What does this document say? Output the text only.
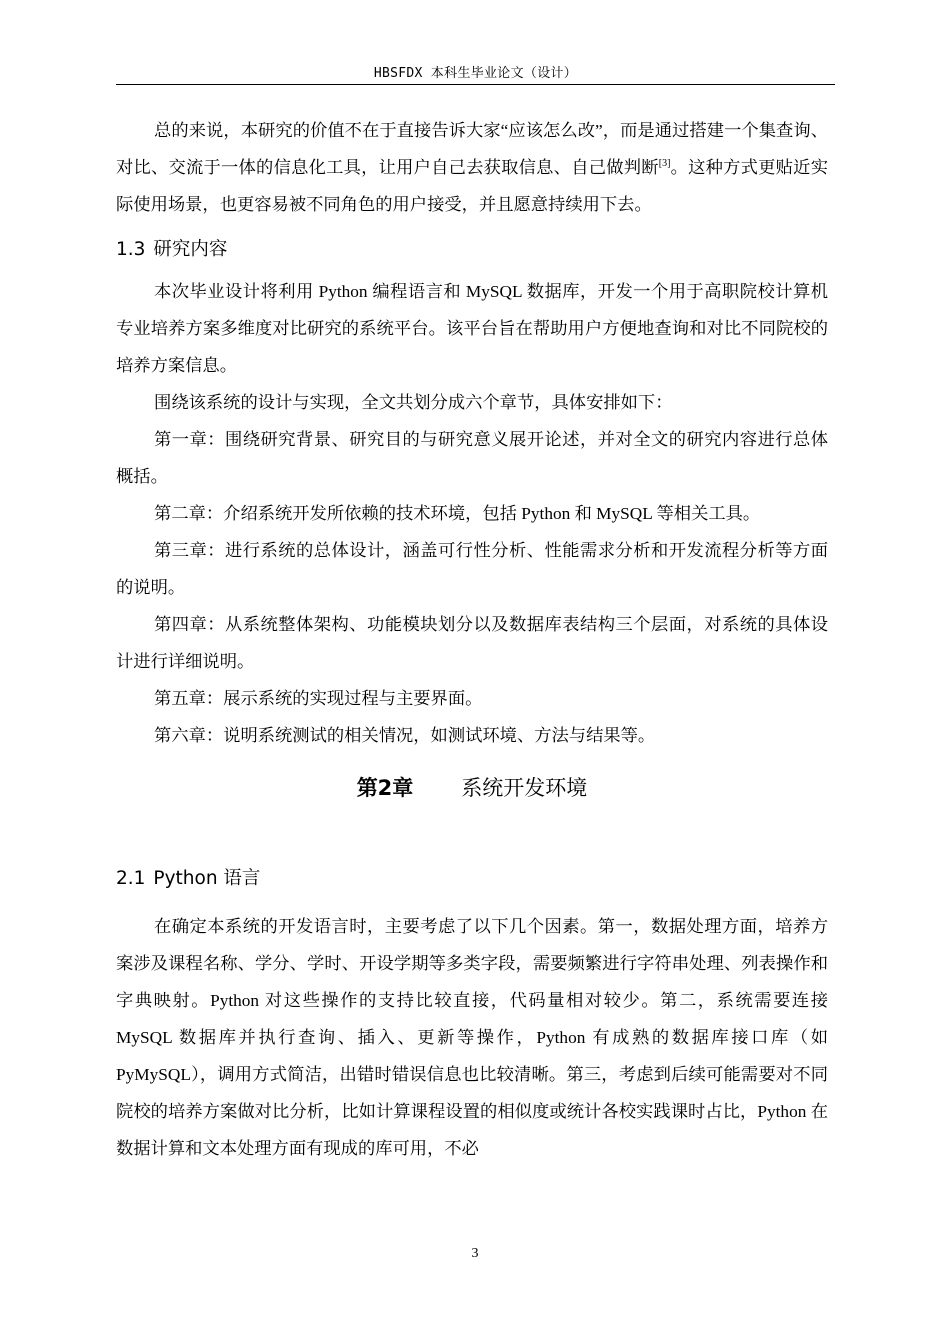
HBSFDX 本科生毕业论文（设计）

总的来说，本研究的价值不在于直接告诉大家“应该怎么改”，而是通过搭建一个集查询、对比、交流于一体的信息化工具，让用户自己去获取信息、自己做判断[3]。这种方式更贴近实际使用场景，也更容易被不同角色的用户接受，并且愿意持续用下去。

1.3 研究内容

本次毕业设计将利用 Python 编程语言和 MySQL 数据库，开发一个用于高职院校计算机专业培养方案多维度对比研究的系统平台。该平台旨在帮助用户方便地查询和对比不同院校的培养方案信息。

围绕该系统的设计与实现，全文共划分成六个章节，具体安排如下：

第一章：围绕研究背景、研究目的与研究意义展开论述，并对全文的研究内容进行总体概括。

第二章：介绍系统开发所依赖的技术环境，包括 Python 和 MySQL 等相关工具。

第三章：进行系统的总体设计，涵盖可行性分析、性能需求分析和开发流程分析等方面的说明。

第四章：从系统整体架构、功能模块划分以及数据库表结构三个层面，对系统的具体设计进行详细说明。

第五章：展示系统的实现过程与主要界面。

第六章：说明系统测试的相关情况，如测试环境、方法与结果等。

第2章 系统开发环境
2.1 Python 语言

在确定本系统的开发语言时，主要考虑了以下几个因素。第一，数据处理方面，培养方案涉及课程名称、学分、学时、开设学期等多类字段，需要频繁进行字符串处理、列表操作和字典映射。Python 对这些操作的支持比较直接，代码量相对较少。第二，系统需要连接 MySQL 数据库并执行查询、插入、更新等操作，Python 有成熟的数据库接口库（如 PyMySQL），调用方式简洁，出错时错误信息也比较清晰。第三，考虑到后续可能需要对不同院校的培养方案做对比分析，比如计算课程设置的相似度或统计各校实践课时占比，Python 在数据计算和文本处理方面有现成的库可用，不必

3
